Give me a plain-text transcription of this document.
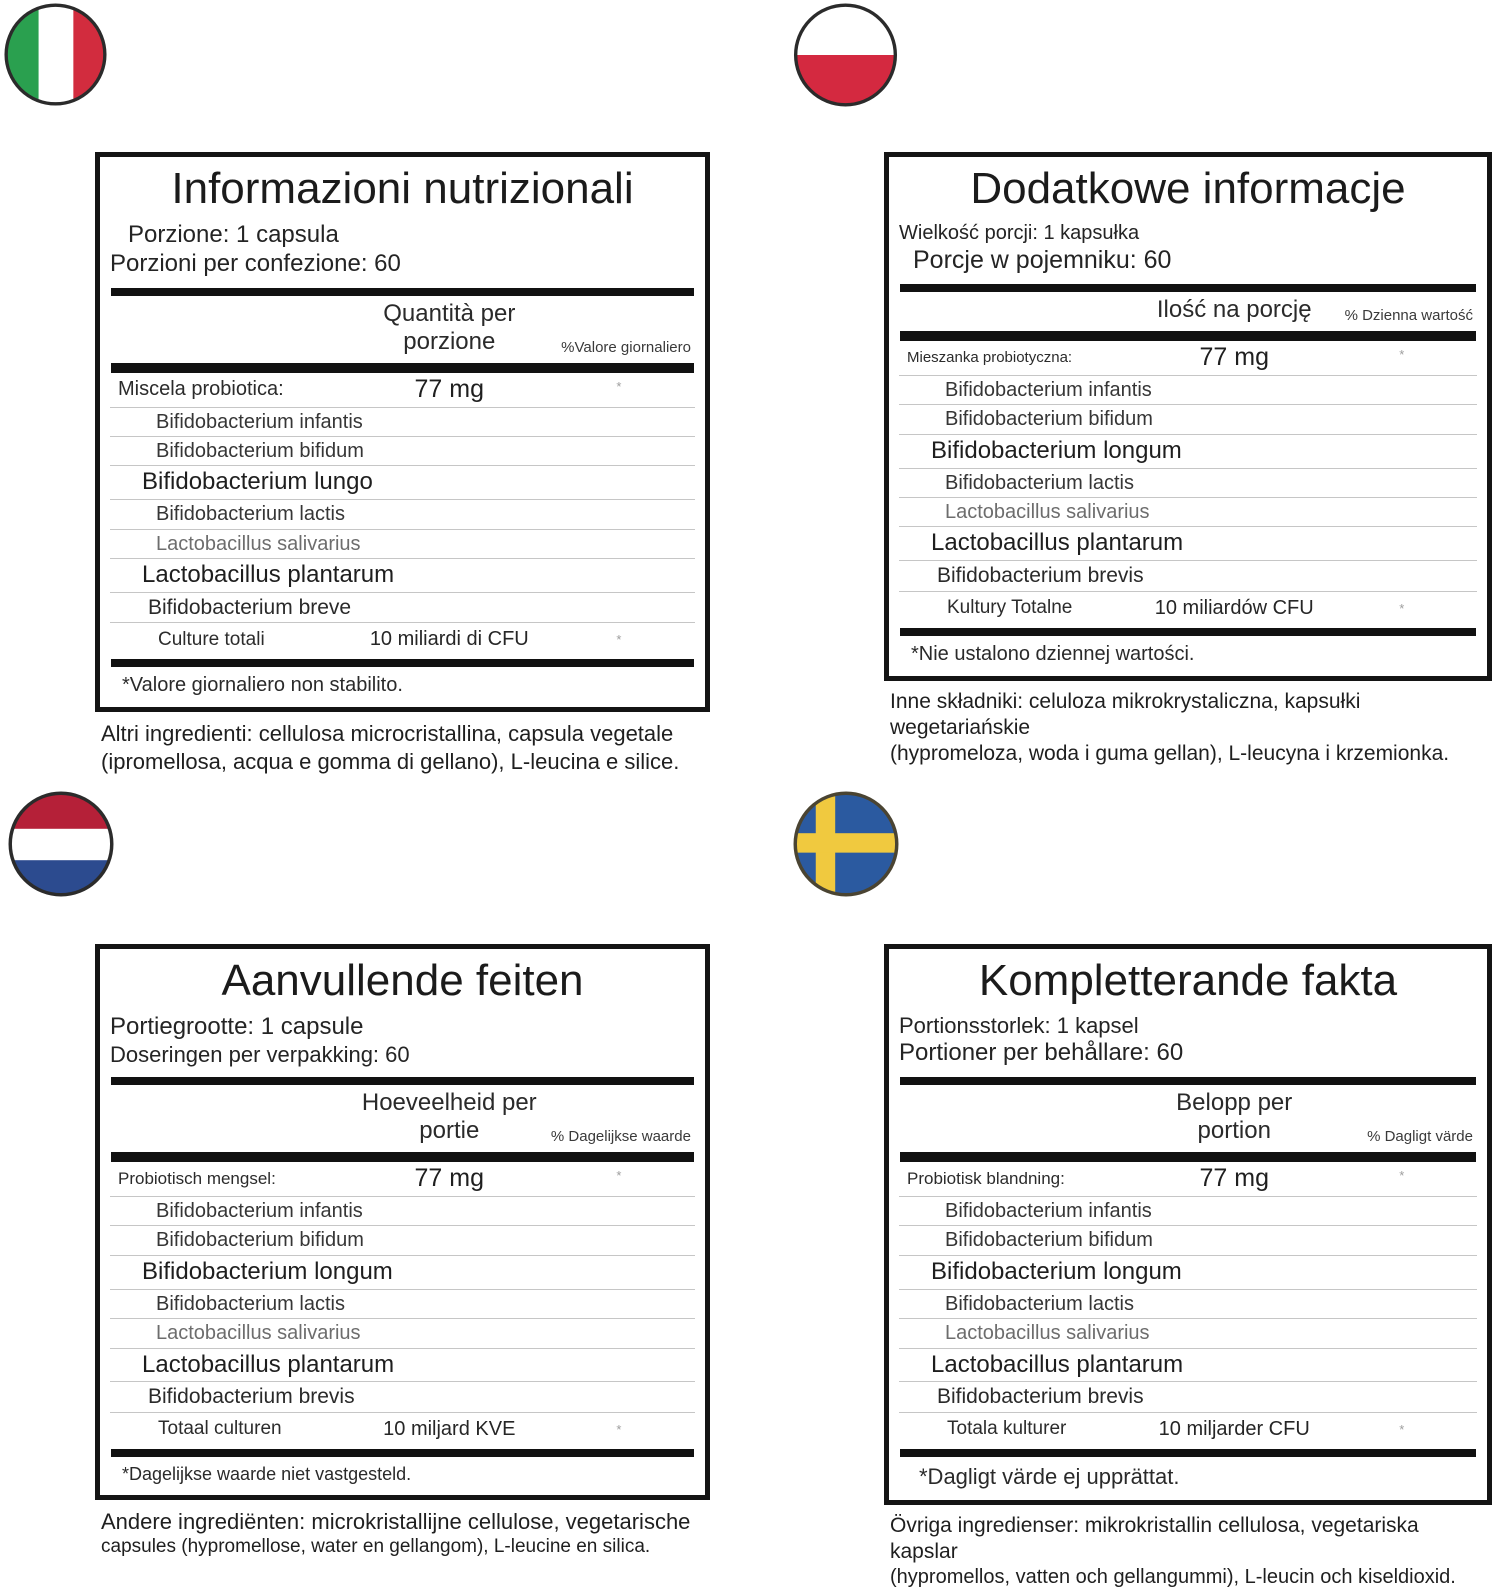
Informazioni nutrizionali
Porzione: 1 capsula
Porzioni per confezione: 60
Quantità per porzione	%Valore giornaliero
Miscela probiotica:	77 mg	*
Bifidobacterium infantis
Bifidobacterium bifidum
Bifidobacterium lungo
Bifidobacterium lactis
Lactobacillus salivarius
Lactobacillus plantarum
Bifidobacterium breve
Culture totali	10 miliardi di CFU	*
*Valore giornaliero non stabilito.
Altri ingredienti: cellulosa microcristallina, capsula vegetale
(ipromellosa, acqua e gomma di gellano), L-leucina e silice.
Dodatkowe informacje
Wielkość porcji: 1 kapsułka
Porcje w pojemniku: 60
Ilość na porcję	% Dzienna wartość
Mieszanka probiotyczna:	77 mg	*
Bifidobacterium infantis
Bifidobacterium bifidum
Bifidobacterium longum
Bifidobacterium lactis
Lactobacillus salivarius
Lactobacillus plantarum
Bifidobacterium brevis
Kultury Totalne	10 miliardów CFU	*
*Nie ustalono dziennej wartości.
Inne składniki: celuloza mikrokrystaliczna, kapsułki wegetariańskie
(hypromeloza, woda i guma gellan), L-leucyna i krzemionka.
Aanvullende feiten
Portiegrootte: 1 capsule
Doseringen per verpakking: 60
Hoeveelheid per portie	% Dagelijkse waarde
Probiotisch mengsel:	77 mg	*
Bifidobacterium infantis
Bifidobacterium bifidum
Bifidobacterium longum
Bifidobacterium lactis
Lactobacillus salivarius
Lactobacillus plantarum
Bifidobacterium brevis
Totaal culturen	10 miljard KVE	*
*Dagelijkse waarde niet vastgesteld.
Andere ingrediënten: microkristallijne cellulose, vegetarische
capsules (hypromellose, water en gellangom), L-leucine en silica.
Kompletterande fakta
Portionsstorlek: 1 kapsel
Portioner per behållare: 60
Belopp per portion	% Dagligt värde
Probiotisk blandning:	77 mg	*
Bifidobacterium infantis
Bifidobacterium bifidum
Bifidobacterium longum
Bifidobacterium lactis
Lactobacillus salivarius
Lactobacillus plantarum
Bifidobacterium brevis
Totala kulturer	10 miljarder CFU	*
*Dagligt värde ej upprättat.
Övriga ingredienser: mikrokristallin cellulosa, vegetariska kapslar
(hypromellos, vatten och gellangummi), L-leucin och kiseldioxid.
